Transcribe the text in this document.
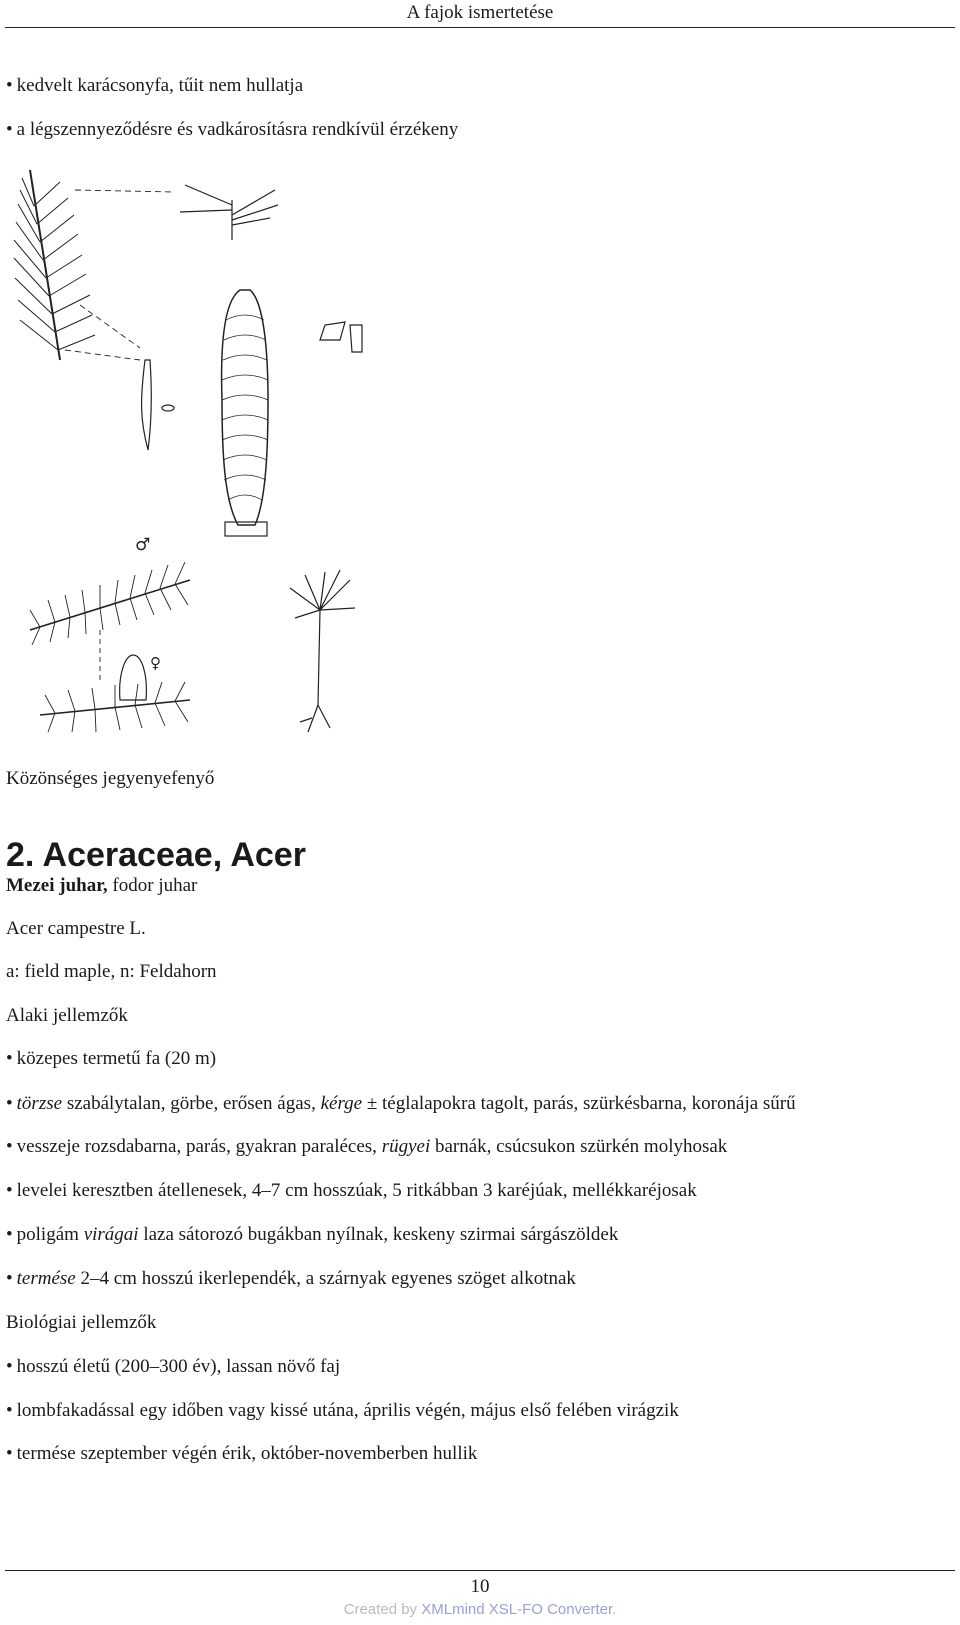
A fajok ismertetése
• kedvelt karácsonyfa, tűit nem hullatja
• a légszennyeződésre és vadkárosításra rendkívül érzékeny
♂
♀
Közönséges jegyenyefenyő
2. Aceraceae, Acer
Mezei juhar, fodor juhar
Acer campestre L.
a: field maple, n: Feldahorn
Alaki jellemzők
• közepes termetű fa (20 m)
• törzse szabálytalan, görbe, erősen ágas, kérge ± téglalapokra tagolt, parás, szürkésbarna, koronája sűrű
• vesszeje rozsdabarna, parás, gyakran paraléces, rügyei barnák, csúcsukon szürkén molyhosak
• levelei keresztben átellenesek, 4–7 cm hosszúak, 5 ritkábban 3 karéjúak, mellékkaréjosak
• poligám virágai laza sátorozó bugákban nyílnak, keskeny szirmai sárgászöldek
• termése 2–4 cm hosszú ikerlependék, a szárnyak egyenes szöget alkotnak
Biológiai jellemzők
• hosszú életű (200–300 év), lassan növő faj
• lombfakadással egy időben vagy kissé utána, április végén, május első felében virágzik
• termése szeptember végén érik, október-novemberben hullik
10
Created by XMLmind XSL-FO Converter.
